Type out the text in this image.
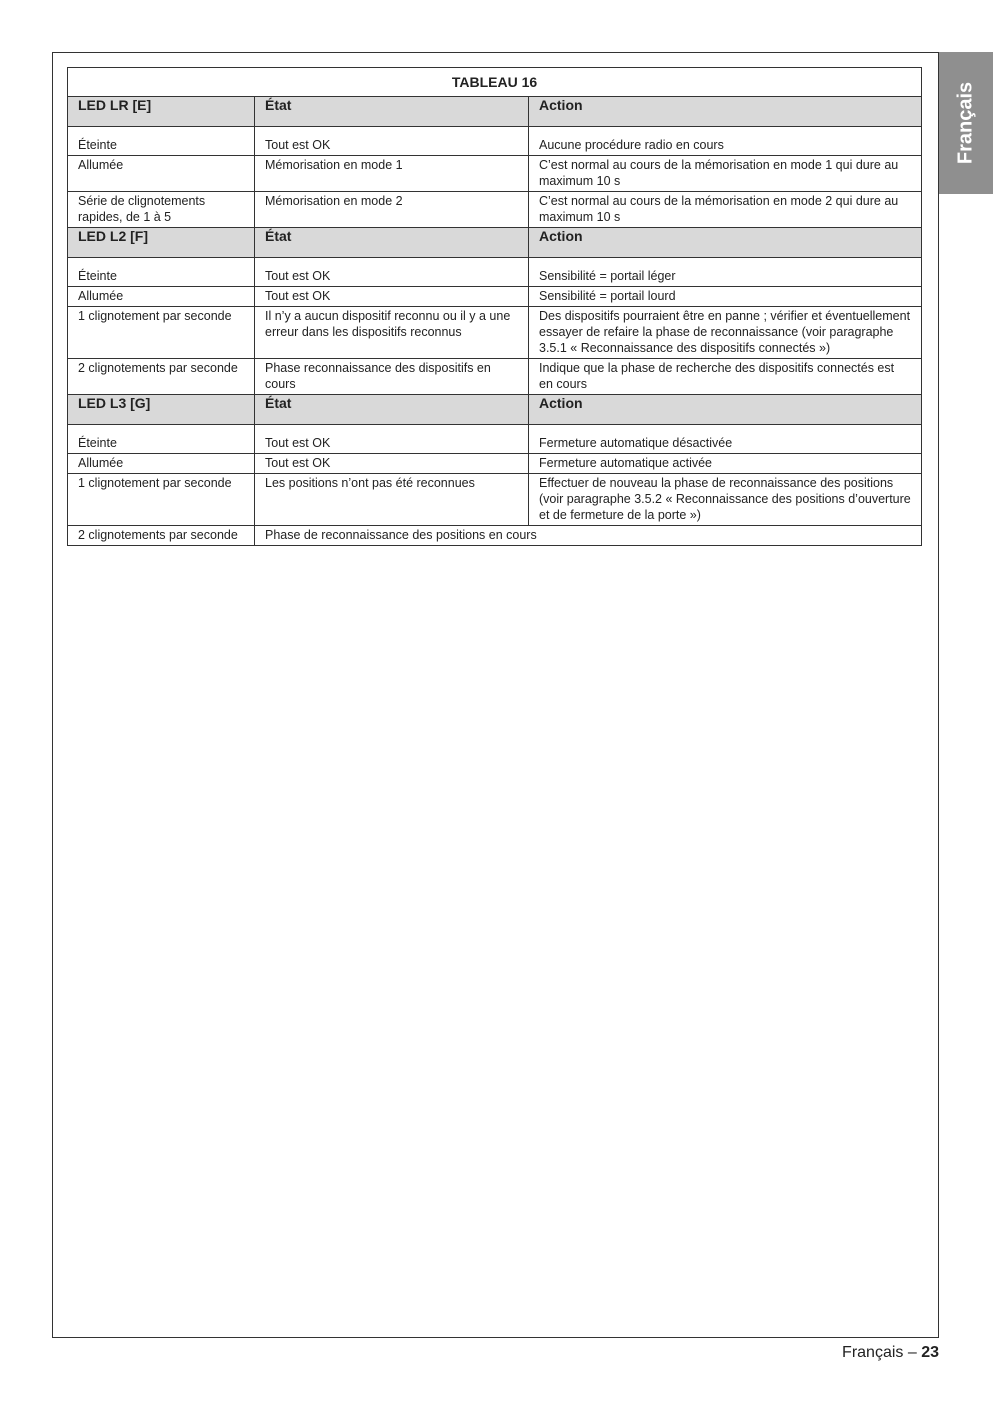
Français
TABLEAU 16		
LED LR [E]	État	Action
Éteinte	Tout est OK	Aucune procédure radio en cours
Allumée	Mémorisation en mode 1	C’est normal au cours de la mémorisation en mode 1 qui dure au maximum 10 s
Série de clignotements rapides, de 1 à 5	Mémorisation en mode 2	C’est normal au cours de la mémorisation en mode 2 qui dure au maximum 10 s
LED L2 [F]	État	Action
Éteinte	Tout est OK	Sensibilité = portail léger
Allumée	Tout est OK	Sensibilité = portail lourd
1 clignotement par seconde	Il n’y a aucun dispositif reconnu ou il y a une erreur dans les dispositifs reconnus	Des dispositifs pourraient être en panne ; vérifier et éventuellement essayer de refaire la phase de reconnaissance (voir paragraphe 3.5.1 « Reconnaissance des dispositifs connectés »)
2 clignotements par seconde	Phase reconnaissance des dispositifs en cours	Indique que la phase de recherche des dispositifs connectés est en cours
LED L3 [G]	État	Action
Éteinte	Tout est OK	Fermeture automatique désactivée
Allumée	Tout est OK	Fermeture automatique activée
1 clignotement par seconde	Les positions n’ont pas été reconnues	Effectuer de nouveau la phase de reconnaissance des positions (voir paragraphe 3.5.2 « Reconnaissance des positions d’ouverture et de fermeture de la porte »)
2 clignotements par seconde	Phase de reconnaissance des positions en cours	
Français – 23
